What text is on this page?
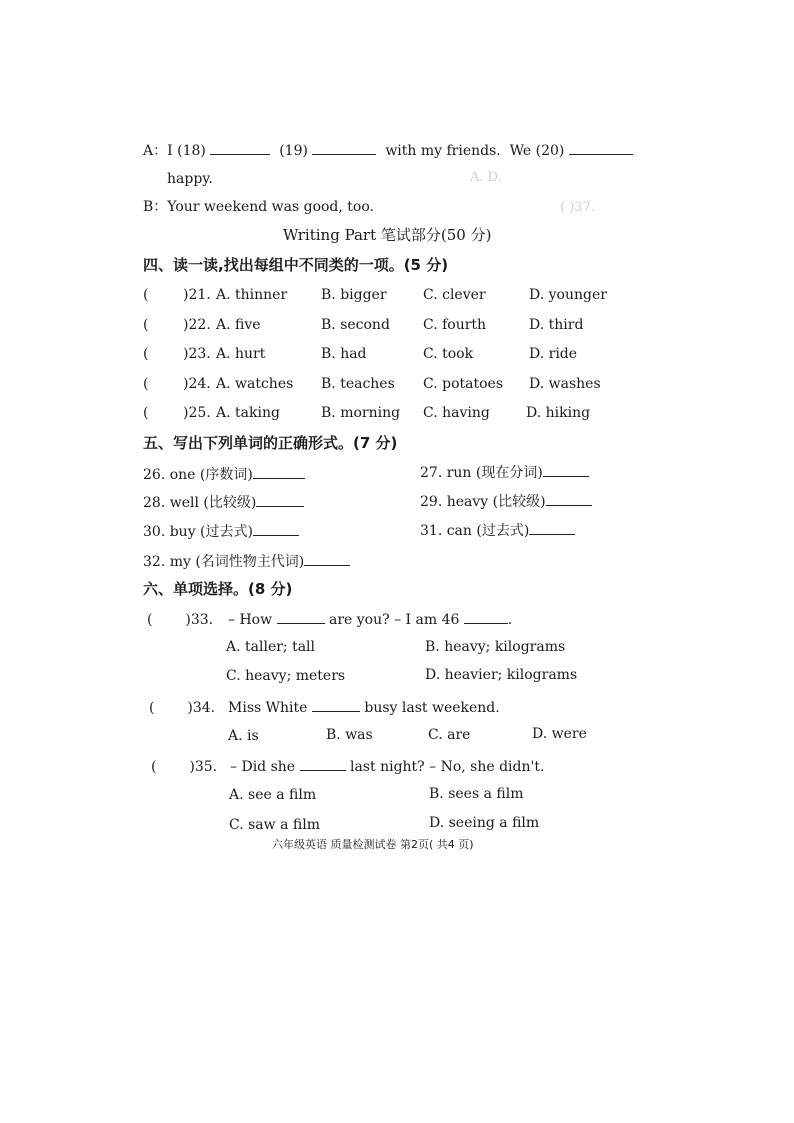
A. D.
( )37.
A：I (18)	(19)	with my friends. We (20)
happy.
B：Your weekend was good, too.
Writing Part 笔试部分(50 分)
四、读一读,找出每组中不同类的一项。(5 分)
( )21. A. thinner B. bigger	C. clever	D. younger
( )22. A. five	B. second C. fourth	D. third
( )23. A. hurt	B. had	C. took	D. ride
( )24. A. watches B. teaches C. potatoes D. washes
( )25. A. taking	B. morning C. having	D. hiking
五、写出下列单词的正确形式。(7 分)
26. one (序数词)	27. run (现在分词)
28. well (比较级)	29. heavy (比较级)
30. buy (过去式)	31. can (过去式)
32. my (名词性物主代词)
六、单项选择。(8 分)
( )33. – How	are you? – I am 46	.
A. taller; tall	B. heavy; kilograms
C. heavy; meters	D. heavier; kilograms
( )34. Miss White	busy last weekend.
A. is	B. was	C. are	D. were
( )35. – Did she	last night? – No, she didn't.
A. see a film	B. sees a film
C. saw a film	D. seeing a film
六年级英语 质量检测试卷 第2页( 共4 页)
